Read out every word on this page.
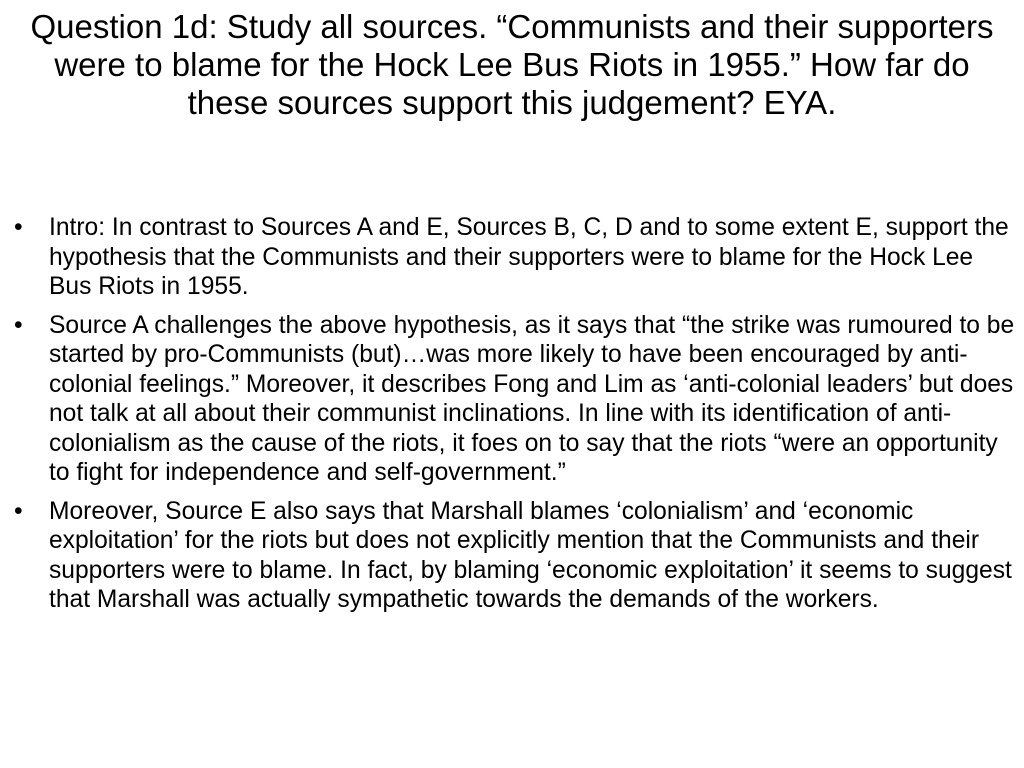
Question 1d: Study all sources. “Communists and their supporters were to blame for the Hock Lee Bus Riots in 1955.” How far do these sources support this judgement? EYA.
•	Intro: In contrast to Sources A and E, Sources B, C, D and to some extent E, support the hypothesis that the Communists and their supporters were to blame for the Hock Lee Bus Riots in 1955.
•	Source A challenges the above hypothesis, as it says that “the strike was rumoured to be started by pro-Communists (but)…was more likely to have been encouraged by anti-colonial feelings.” Moreover, it describes Fong and Lim as ‘anti-colonial leaders’ but does not talk at all about their communist inclinations. In line with its identification of anti-colonialism as the cause of the riots, it foes on to say that the riots “were an opportunity to fight for independence and self-government.”
•	Moreover, Source E also says that Marshall blames ‘colonialism’ and ‘economic exploitation’ for the riots but does not explicitly mention that the Communists and their supporters were to blame. In fact, by blaming ‘economic exploitation’ it seems to suggest that Marshall was actually sympathetic towards the demands of the workers.
